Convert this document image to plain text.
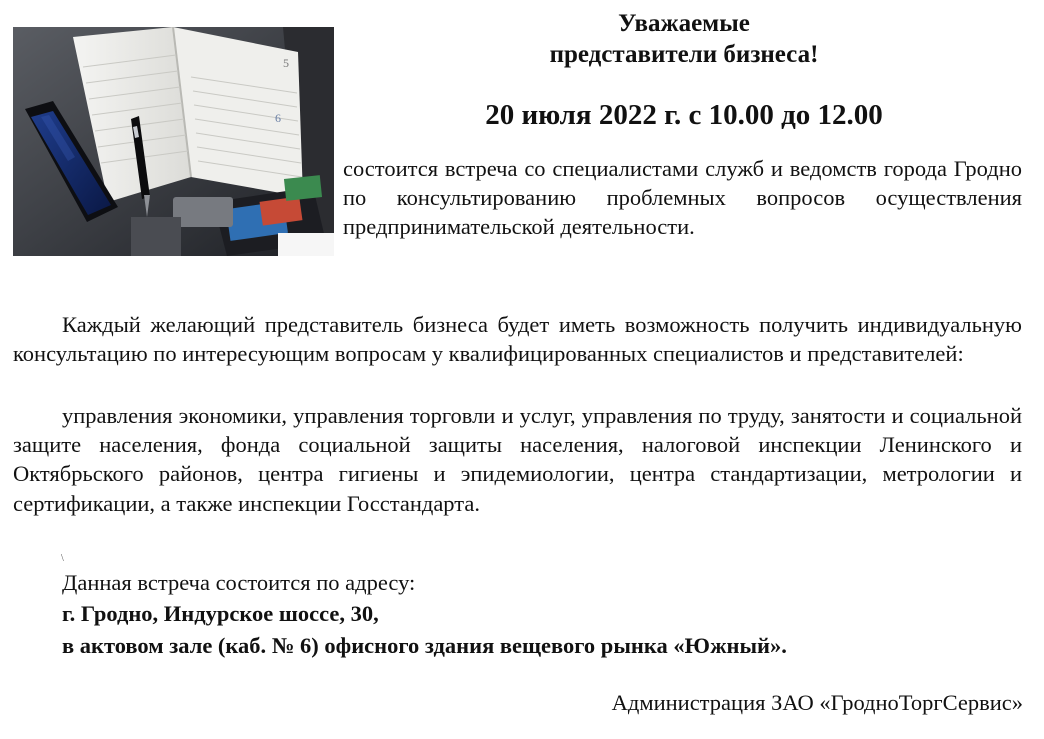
5
6
Уважаемые
представители бизнеса!
20 июля 2022 г. с 10.00 до 12.00

состоится встреча со специалистами служб и ведомств города Гродно по консультированию проблемных вопросов осуществления предпринимательской деятельности.

Каждый желающий представитель бизнеса будет иметь возможность получить индивидуальную консультацию по интересующим вопросам у квалифицированных специалистов и представителей:

управления экономики, управления торговли и услуг, управления по труду, занятости и социальной защите населения, фонда социальной защиты населения, налоговой инспекции Ленинского и Октябрьского районов, центра гигиены и эпидемиологии, центра стандартизации, метрологии и сертификации, а также инспекции Госстандарта.

\

Данная встреча состоится по адресу:

г. Гродно, Индурское шоссе, 30,

в актовом зале (каб. № 6) офисного здания вещевого рынка «Южный».

Администрация ЗАО «ГродноТоргСервис»
